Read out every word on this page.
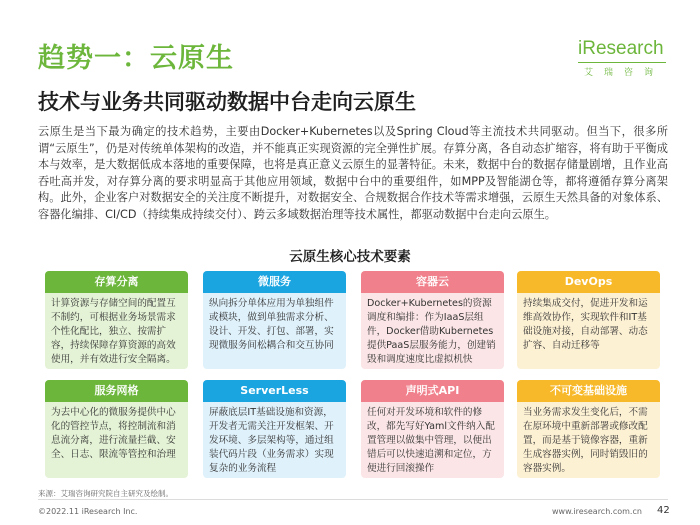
趋势一：云原生
技术与业务共同驱动数据中台走向云原生
iResearch
艾瑞咨询
云原生是当下最为确定的技术趋势，主要由Docker+Kubernetes以及Spring Cloud等主流技术共同驱动。但当下，很多所谓“云原生”，仍是对传统单体架构的改造，并不能真正实现资源的完全弹性扩展。存算分离，各自动态扩缩容，将有助于平衡成本与效率，是大数据低成本落地的重要保障，也将是真正意义云原生的显著特征。未来，数据中台的数据存储量剧增，且作业高吞吐高并发，对存算分离的要求明显高于其他应用领域，数据中台中的重要组件，如MPP及智能湖仓等，都将遵循存算分离架构。此外，企业客户对数据安全的关注度不断提升，对数据安全、合规数据合作技术等需求增强，云原生天然具备的对象体系、容器化编排、CI/CD（持续集成持续交付）、跨云多域数据治理等技术属性，都驱动数据中台走向云原生。
云原生核心技术要素
存算分离
计算资源与存储空间的配置互不制约，可根据业务场景需求个性化配比，独立、按需扩容，持续保障存算资源的高效使用，并有效进行安全隔离。
微服务
纵向拆分单体应用为单独组件或模块，做到单独需求分析、设计、开发、打包、部署，实现微服务间松耦合和交互协同
容器云
Docker+Kubernetes的资源调度和编排：作为IaaS层组件，Docker借助Kubernetes提供PaaS层服务能力，创建销毁和调度速度比虚拟机快
DevOps
持续集成交付，促进开发和运维高效协作，实现软件和IT基础设施对接，自动部署、动态扩容、自动迁移等
服务网格
为去中心化的微服务提供中心化的管控节点，将控制流和消息流分离，进行流量拦截、安全、日志、限流等管控和治理
ServerLess
屏蔽底层IT基础设施和资源，开发者无需关注开发框架、开发环境、多层架构等，通过组装代码片段（业务需求）实现复杂的业务流程
声明式API
任何对开发环境和软件的修改，都先写好Yaml文件纳入配置管理以做集中管理，以便出错后可以快速追溯和定位，方便进行回滚操作
不可变基础设施
当业务需求发生变化后，不需在原环境中重新部署或修改配置，而是基于镜像容器，重新生成容器实例，同时销毁旧的容器实例。
来源：艾瑞咨询研究院自主研究及绘制。
©2022.11 iResearch Inc.	www.iresearch.com.cn 42
